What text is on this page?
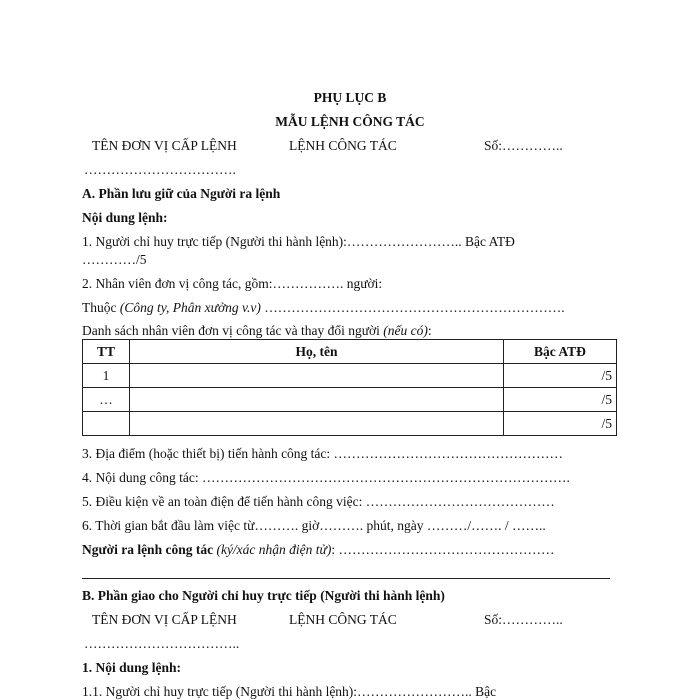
PHỤ LỤC B
MẪU LỆNH CÔNG TÁC
TÊN ĐƠN VỊ CẤP LỆNH	LỆNH CÔNG TÁC	Số:…………..
…………………………….
A. Phần lưu giữ của Người ra lệnh
Nội dung lệnh:
1. Người chỉ huy trực tiếp (Người thi hành lệnh):…………………….. Bậc ATĐ
…………/5
2. Nhân viên đơn vị công tác, gồm:……………. người:
Thuộc (Công ty, Phân xưởng v.v) ………………………………………………………….
Danh sách nhân viên đơn vị công tác và thay đổi người (nếu có):
TT	Họ, tên	Bậc ATĐ
1		/5
…		/5
		/5
3. Địa điểm (hoặc thiết bị) tiến hành công tác: ……………………………………………
4. Nội dung công tác: ……………………………………………………………………….
5. Điều kiện về an toàn điện để tiến hành công việc: ……………………………………
6. Thời gian bắt đầu làm việc từ………. giờ………. phút, ngày ………/……. / ……..
Người ra lệnh công tác (ký/xác nhận điện tử): …………………………………………
B. Phần giao cho Người chỉ huy trực tiếp (Người thi hành lệnh)
TÊN ĐƠN VỊ CẤP LỆNH	LỆNH CÔNG TÁC	Số:…………..
……………………………..
1. Nội dung lệnh:
1.1. Người chỉ huy trực tiếp (Người thi hành lệnh):…………………….. Bậc
